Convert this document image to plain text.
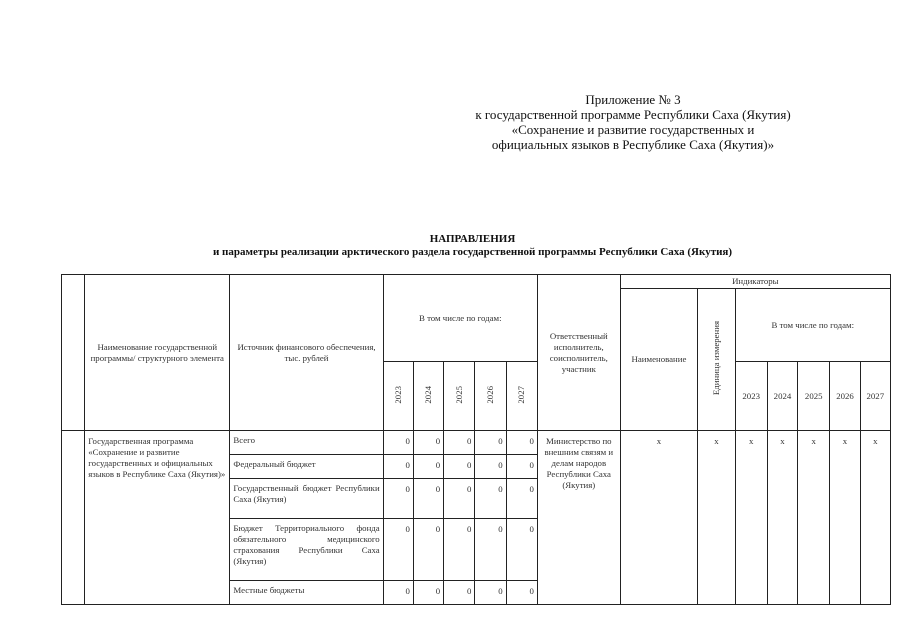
Приложение № 3
к государственной программе Республики Саха (Якутия)
«Сохранение и развитие государственных и
официальных языков в Республике Саха (Якутия)»
НАПРАВЛЕНИЯ
и параметры реализации арктического раздела государственной программы Республики Саха (Якутия)
	Наименование государственной программы/ структурного элемента	Источник финансового обеспечения, тыс. рублей	В том числе по годам:					Ответственный исполнитель, соисполнитель, участник	Индикаторы						
									Наименование	Единица измерения	В том числе по годам:				
			2023	2024	2025	2026	2027				2023	2024	2025	2026	2027
	Государственная программа «Сохранение и развитие государственных и официальных языков в Республике Саха (Якутия)»	Всего	0	0	0	0	0	Министерство по внешним связям и делам народов Республики Саха (Якутия)	х	х	х	х	х	х	х
		Федеральный бюджет	0	0	0	0	0								
		Государственный бюджет Республики Саха (Якутия)	0	0	0	0	0								
		Бюджет Территориального фонда обязательного медицинского страхования Республики Саха (Якутия)	0	0	0	0	0								
		Местные бюджеты	0	0	0	0	0								
